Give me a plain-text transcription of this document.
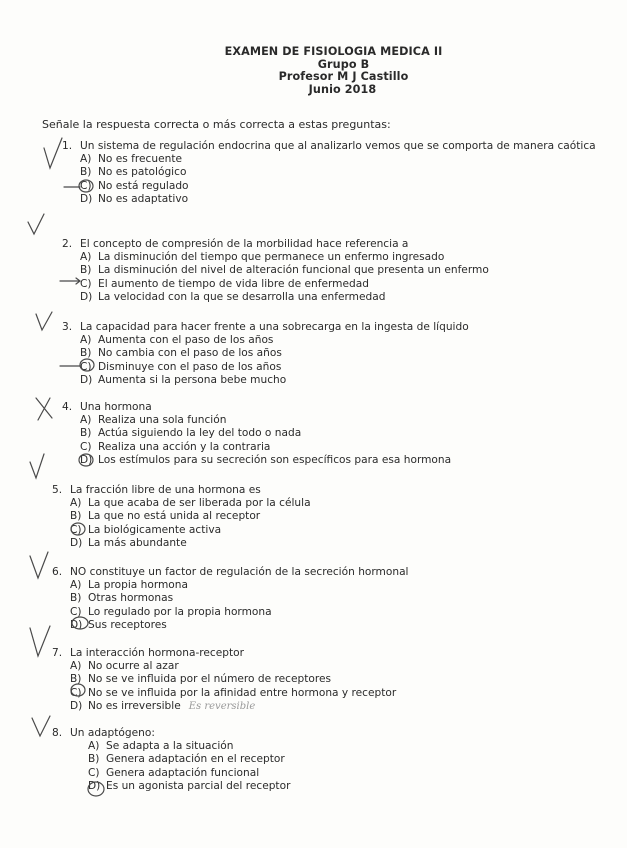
EXAMEN DE FISIOLOGIA MEDICA II
Grupo B
Profesor M J Castillo
Junio 2018
Señale la respuesta correcta o más correcta a estas preguntas:
1. Un sistema de regulación endocrina que al analizarlo vemos que se comporta de manera caótica
A) No es frecuente
B) No es patológico
C) No está regulado
D) No es adaptativo
2. El concepto de compresión de la morbilidad hace referencia a
A) La disminución del tiempo que permanece un enfermo ingresado
B) La disminución del nivel de alteración funcional que presenta un enfermo
C) El aumento de tiempo de vida libre de enfermedad
D) La velocidad con la que se desarrolla una enfermedad
3. La capacidad para hacer frente a una sobrecarga en la ingesta de líquido
A) Aumenta con el paso de los años
B) No cambia con el paso de los años
C) Disminuye con el paso de los años
D) Aumenta si la persona bebe mucho
4. Una hormona
A) Realiza una sola función
B) Actúa siguiendo la ley del todo o nada
C) Realiza una acción y la contraria
D) Los estímulos para su secreción son específicos para esa hormona
5. La fracción libre de una hormona es
A) La que acaba de ser liberada por la célula
B) La que no está unida al receptor
C) La biológicamente activa
D) La más abundante
6. NO constituye un factor de regulación de la secreción hormonal
A) La propia hormona
B) Otras hormonas
C) Lo regulado por la propia hormona
D) Sus receptores
7. La interacción hormona-receptor
A) No ocurre al azar
B) No se ve influida por el número de receptores
C) No se ve influida por la afinidad entre hormona y receptor
D) No es irreversible Es reversible
8. Un adaptógeno:
A) Se adapta a la situación
B) Genera adaptación en el receptor
C) Genera adaptación funcional
D) Es un agonista parcial del receptor
